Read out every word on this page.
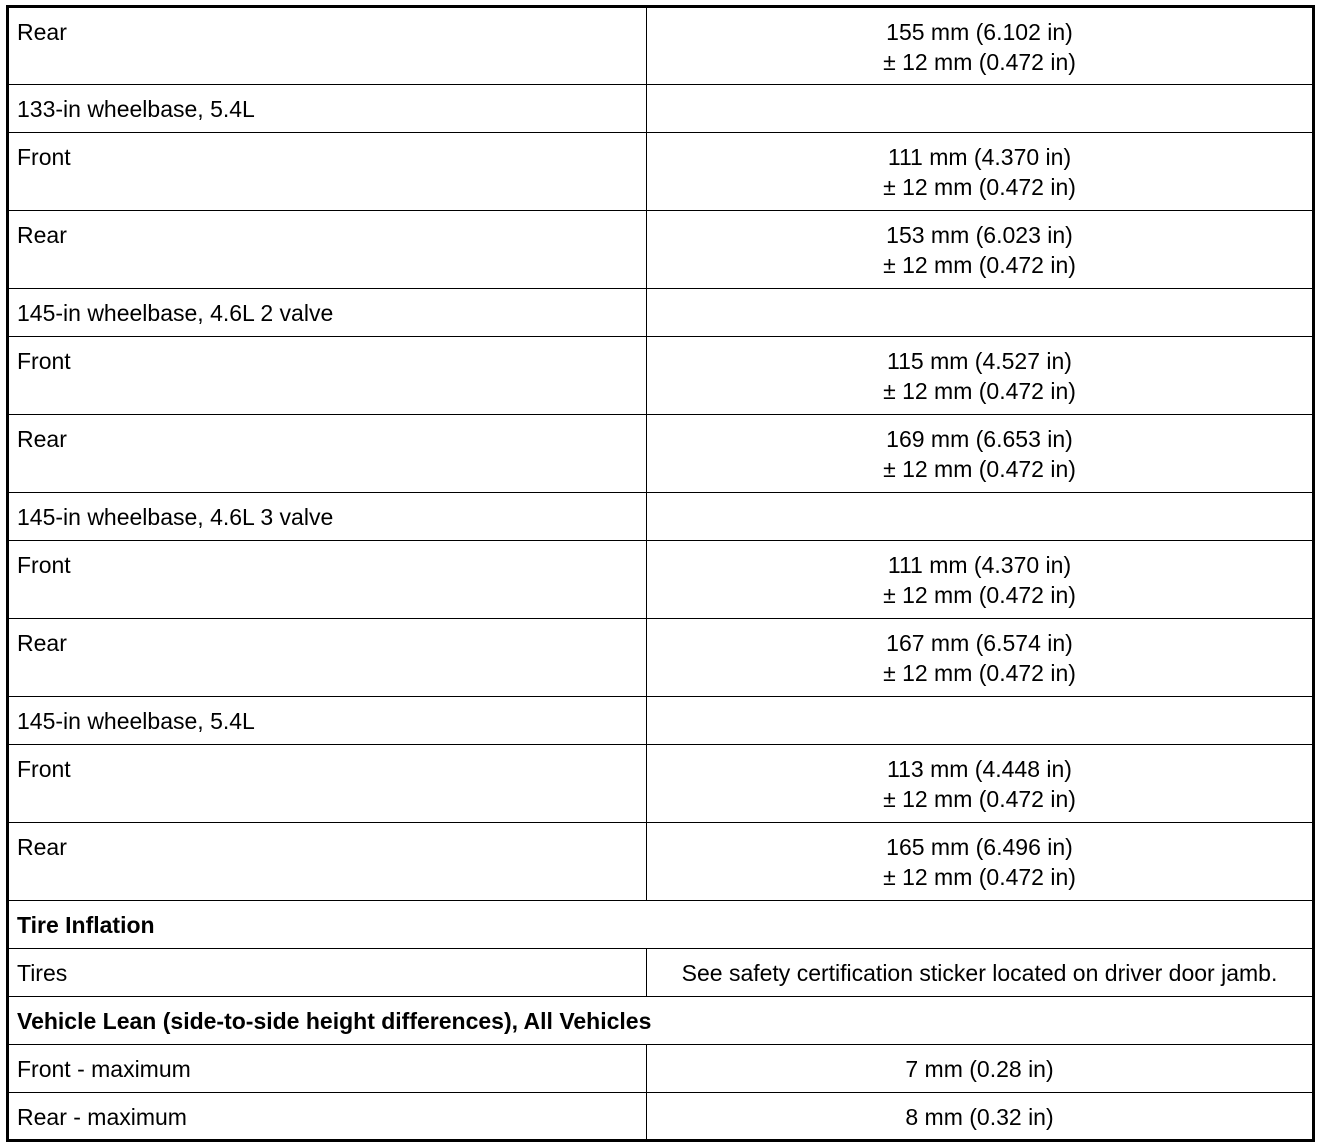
Rear	155 mm (6.102 in)
± 12 mm (0.472 in)

133-in wheelbase, 5.4L	
Front	111 mm (4.370 in)
± 12 mm (0.472 in)

Rear	153 mm (6.023 in)
± 12 mm (0.472 in)

145-in wheelbase, 4.6L 2 valve	
Front	115 mm (4.527 in)
± 12 mm (0.472 in)

Rear	169 mm (6.653 in)
± 12 mm (0.472 in)

145-in wheelbase, 4.6L 3 valve	
Front	111 mm (4.370 in)
± 12 mm (0.472 in)

Rear	167 mm (6.574 in)
± 12 mm (0.472 in)

145-in wheelbase, 5.4L	
Front	113 mm (4.448 in)
± 12 mm (0.472 in)

Rear	165 mm (6.496 in)
± 12 mm (0.472 in)

Tire Inflation	
Tires	See safety certification sticker located on driver door jamb.
Vehicle Lean (side-to-side height differences), All Vehicles	
Front - maximum	7 mm (0.28 in)
Rear - maximum	8 mm (0.32 in)
